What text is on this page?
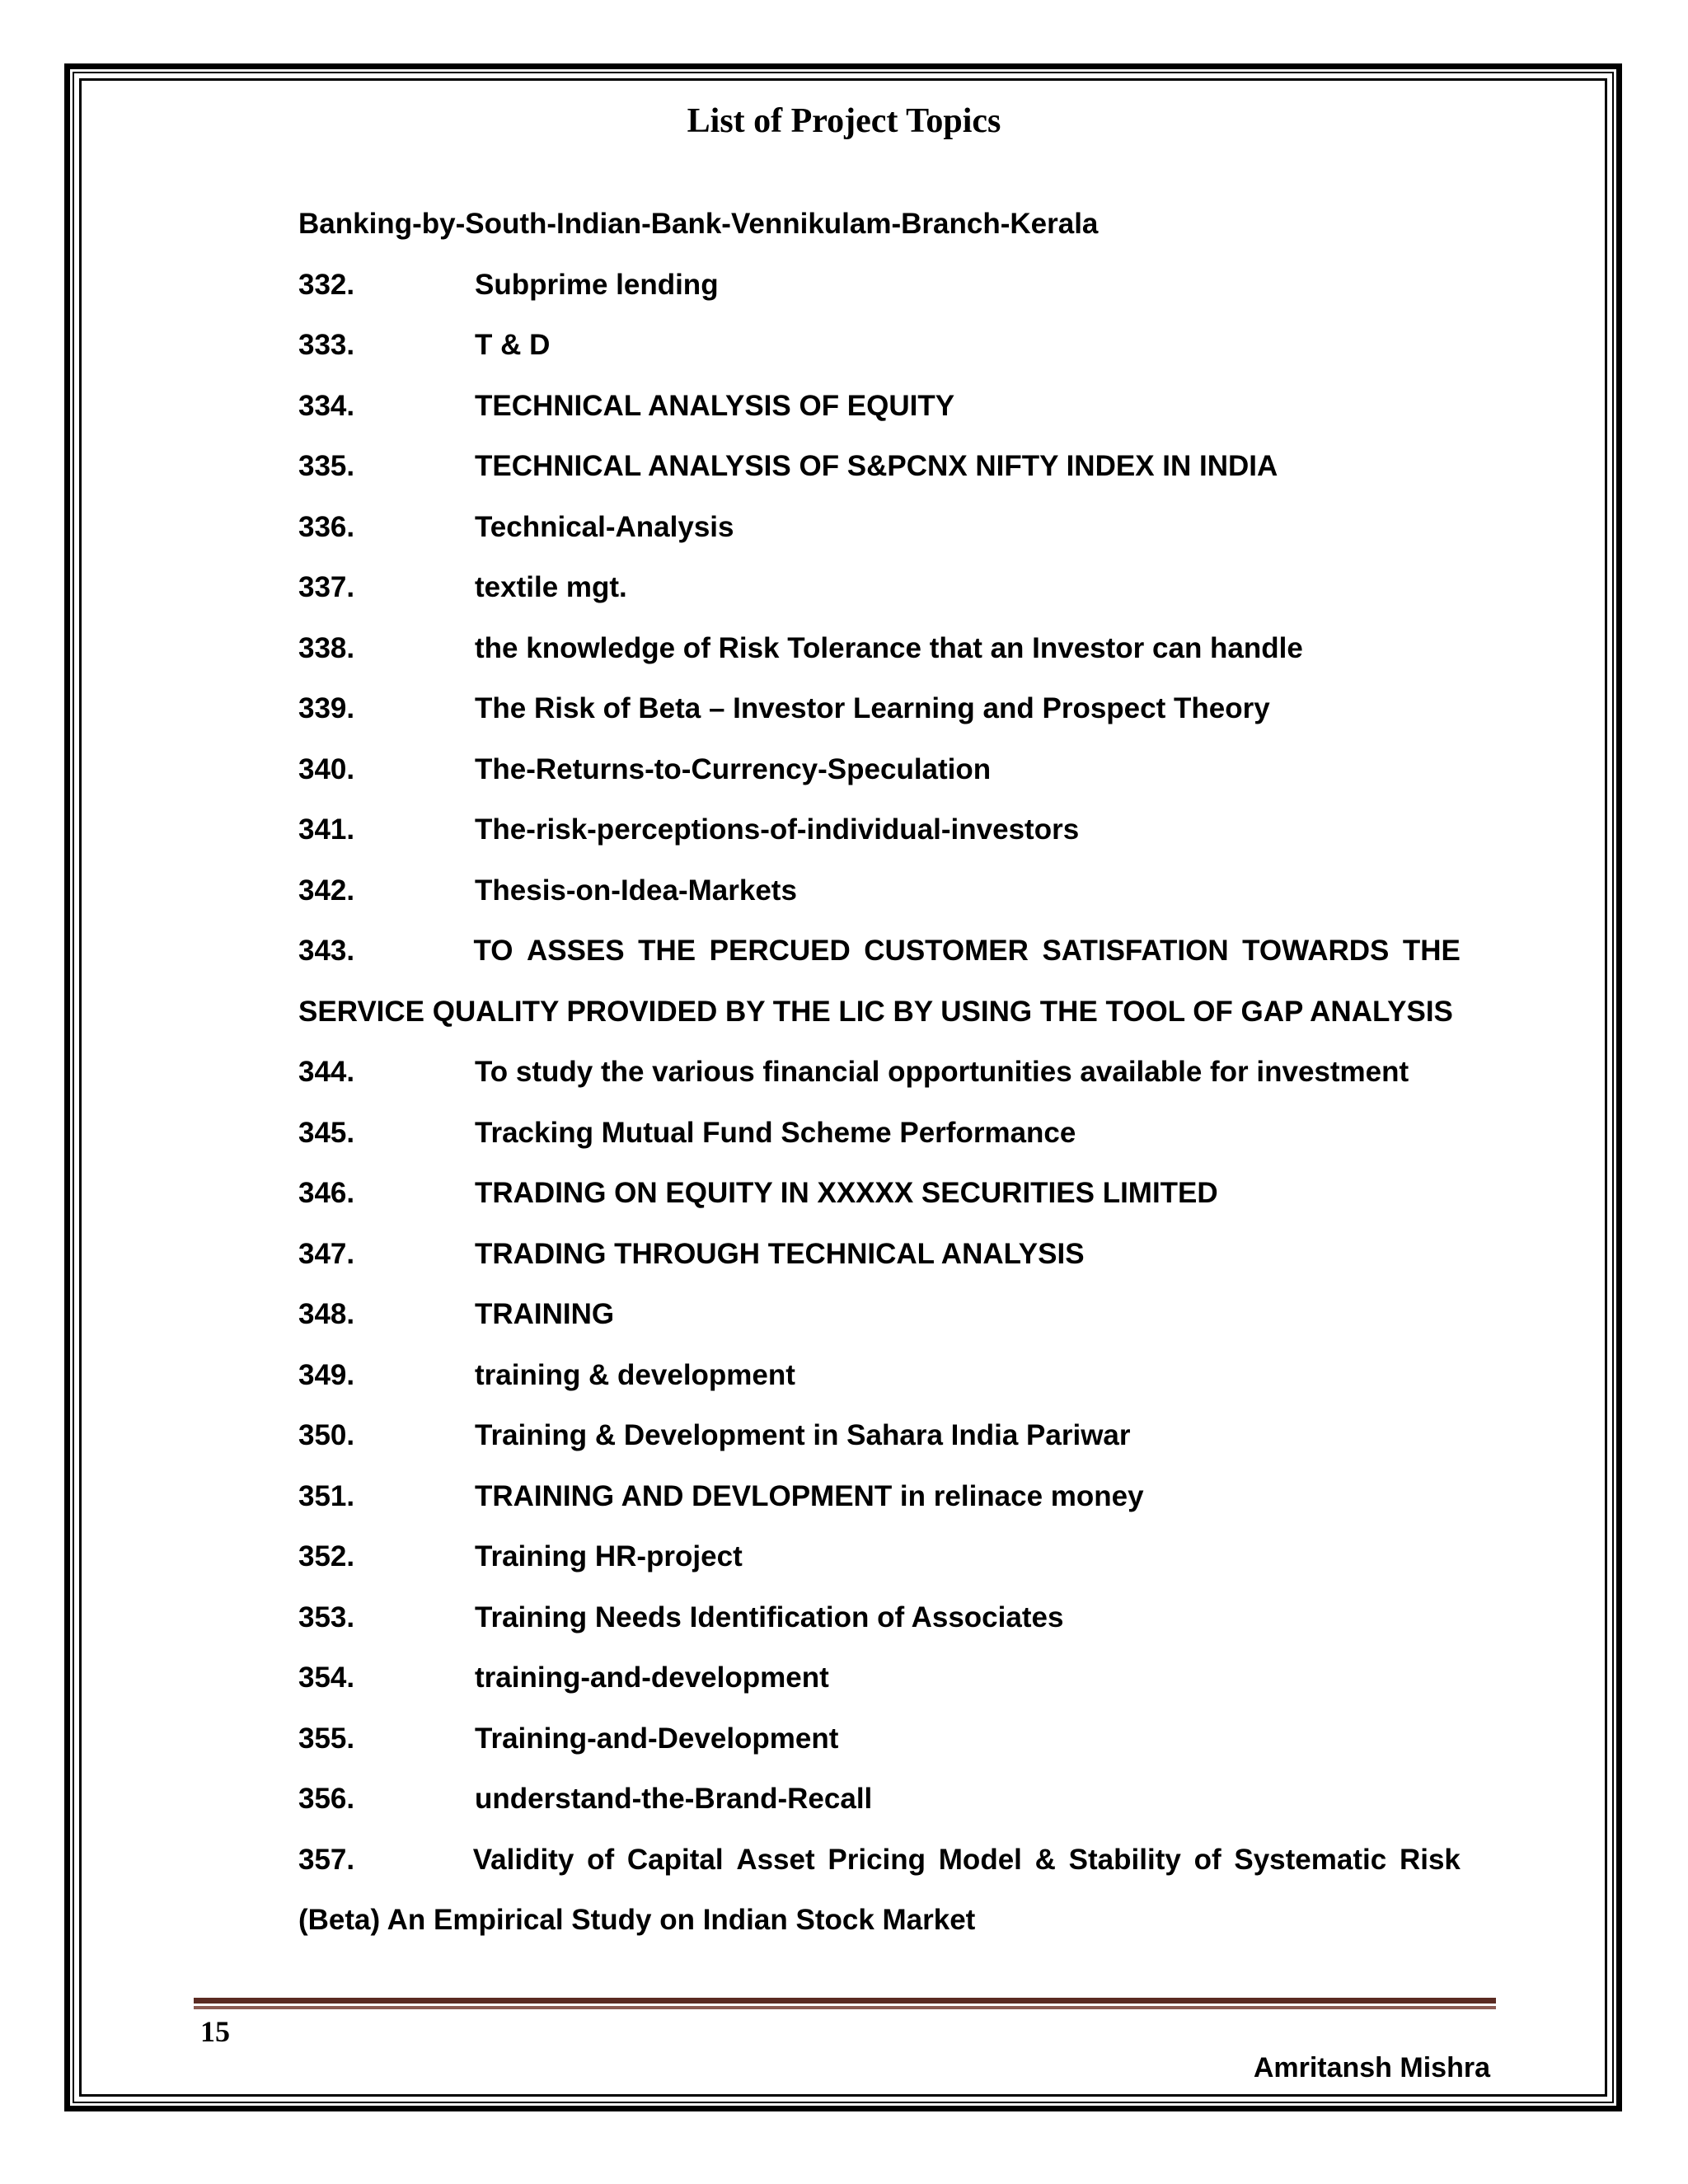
List of Project Topics
Banking-by-South-Indian-Bank-Vennikulam-Branch-Kerala
332.	Subprime lending
333.	T & D
334.	TECHNICAL ANALYSIS OF EQUITY
335.	TECHNICAL ANALYSIS OF S&PCNX NIFTY INDEX IN INDIA
336.	Technical-Analysis
337.	textile mgt.
338.	the knowledge of Risk Tolerance that an Investor can handle
339.	The Risk of Beta – Investor Learning and Prospect Theory
340.	The-Returns-to-Currency-Speculation
341.	The-risk-perceptions-of-individual-investors
342.	Thesis-on-Idea-Markets
343.	TO ASSES THE PERCUED CUSTOMER SATISFATION TOWARDS THE
SERVICE QUALITY PROVIDED BY THE LIC BY USING THE TOOL OF GAP ANALYSIS
344.	To study the various financial opportunities available for investment
345.	Tracking Mutual Fund Scheme Performance
346.	TRADING ON EQUITY IN XXXXX SECURITIES LIMITED
347.	TRADING THROUGH TECHNICAL ANALYSIS
348.	TRAINING
349.	training & development
350.	Training & Development in Sahara India Pariwar
351.	TRAINING AND DEVLOPMENT in relinace money
352.	Training HR-project
353.	Training Needs Identification of Associates
354.	training-and-development
355.	Training-and-Development
356.	understand-the-Brand-Recall
357.	Validity of Capital Asset Pricing Model & Stability of Systematic Risk
(Beta) An Empirical Study on Indian Stock Market
15
Amritansh Mishra
